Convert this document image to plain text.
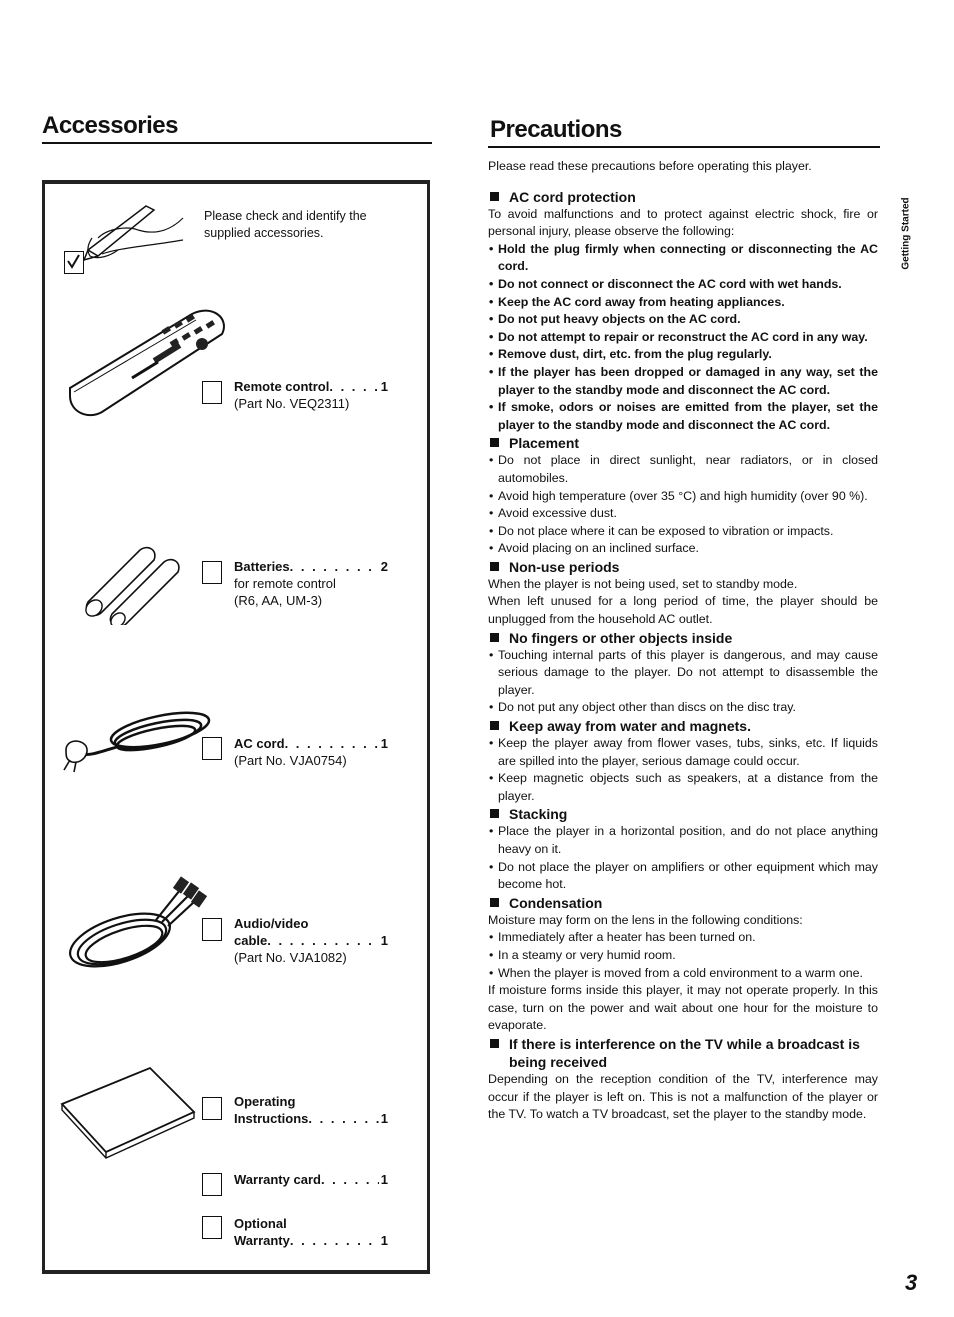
Accessories
Please check and identify the supplied accessories.
Remote control . . .	1
(Part No. VEQ2311)
Batteries . . .	2
for remote control
(R6, AA, UM-3)
AC cord . . .	1
(Part No. VJA0754)
Audio/video
cable . . .	1
(Part No. VJA1082)
Operating
Instructions . . .	1
Warranty card . . .	1
Optional
Warranty . . .	1
Precautions

Please read these precautions before operating this player.

AC cord protection

To avoid malfunctions and to protect against electric shock, fire or personal injury, please observe the following:

• Hold the plug firmly when connecting or disconnecting the AC cord.

• Do not connect or disconnect the AC cord with wet hands.

• Keep the AC cord away from heating appliances.

• Do not put heavy objects on the AC cord.

• Do not attempt to repair or reconstruct the AC cord in any way.

• Remove dust, dirt, etc. from the plug regularly.

• If the player has been dropped or damaged in any way, set the player to the standby mode and disconnect the AC cord.

• If smoke, odors or noises are emitted from the player, set the player to the standby mode and disconnect the AC cord.

Placement

• Do not place in direct sunlight, near radiators, or in closed automobiles.

• Avoid high temperature (over 35 °C) and high humidity (over 90 %).

• Avoid excessive dust.

• Do not place where it can be exposed to vibration or impacts.

• Avoid placing on an inclined surface.

Non-use periods

When the player is not being used, set to standby mode.

When left unused for a long period of time, the player should be unplugged from the household AC outlet.

No fingers or other objects inside

• Touching internal parts of this player is dangerous, and may cause serious damage to the player. Do not attempt to disassemble the player.

• Do not put any object other than discs on the disc tray.

Keep away from water and magnets.

• Keep the player away from flower vases, tubs, sinks, etc. If liquids are spilled into the player, serious damage could occur.

• Keep magnetic objects such as speakers, at a distance from the player.

Stacking

• Place the player in a horizontal position, and do not place anything heavy on it.

• Do not place the player on amplifiers or other equipment which may become hot.

Condensation

Moisture may form on the lens in the following conditions:

• Immediately after a heater has been turned on.

• In a steamy or very humid room.

• When the player is moved from a cold environment to a warm one.

If moisture forms inside this player, it may not operate properly. In this case, turn on the power and wait about one hour for the moisture to evaporate.

If there is interference on the TV while a broadcast is being received

Depending on the reception condition of the TV, interference may occur if the player is left on. This is not a malfunction of the player or the TV. To watch a TV broadcast, set the player to the standby mode.

Getting Started
3
